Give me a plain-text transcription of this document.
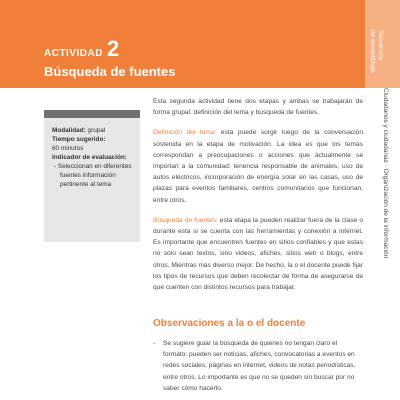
ACTIVIDAD 2
Búsqueda de fuentes
Secuencia
de aprendizaje
Ciudadanos y ciudadanas · Organización de la información
Modalidad: grupal
Tiempo sugerido:
60 minutos
Indicador de evaluación:
- Seleccionan en diferentes fuentes información pertinente al tema

Esta segunda actividad tiene dos etapas y ambas se trabajarán de forma grupal: definición del tema y búsqueda de fuentes.

Definición del tema: esta puede surgir luego de la conversación sostenida en la etapa de motivación. La idea es que los temas correspondan a preocupaciones o acciones que actualmente se importan a la comunidad: tenencia responsable de animales, uso de autos eléctricos, incorporación de energía solar en las casas, uso de plazas para eventos familiares, centros comunitarios que funcionan, entre otros.

Búsqueda de fuentes: esta etapa la pueden realizar fuera de la clase o durante esta si se cuenta con las herramientas y conexión a internet. Es importante que encuentren fuentes en sitios confiables y que estas no solo sean textos, sino videos, afiches, sitios web o blogs, entre otros. Mientras más diverso mejor. De hecho, la o el docente puede fijar los tipos de recursos que deben recolectar de forma de asegurarse de que cuenten con distintos recursos para trabajar.

Observaciones a la o el docente
- Se sugiere guiar la búsqueda de quienes no tengan claro el formato: pueden ser noticias, afiches, convocatorias a eventos en redes sociales, páginas en internet, videos de notas periodísticas, entre otros. Lo importante es que no se queden sin buscar por no saber cómo hacerlo.
